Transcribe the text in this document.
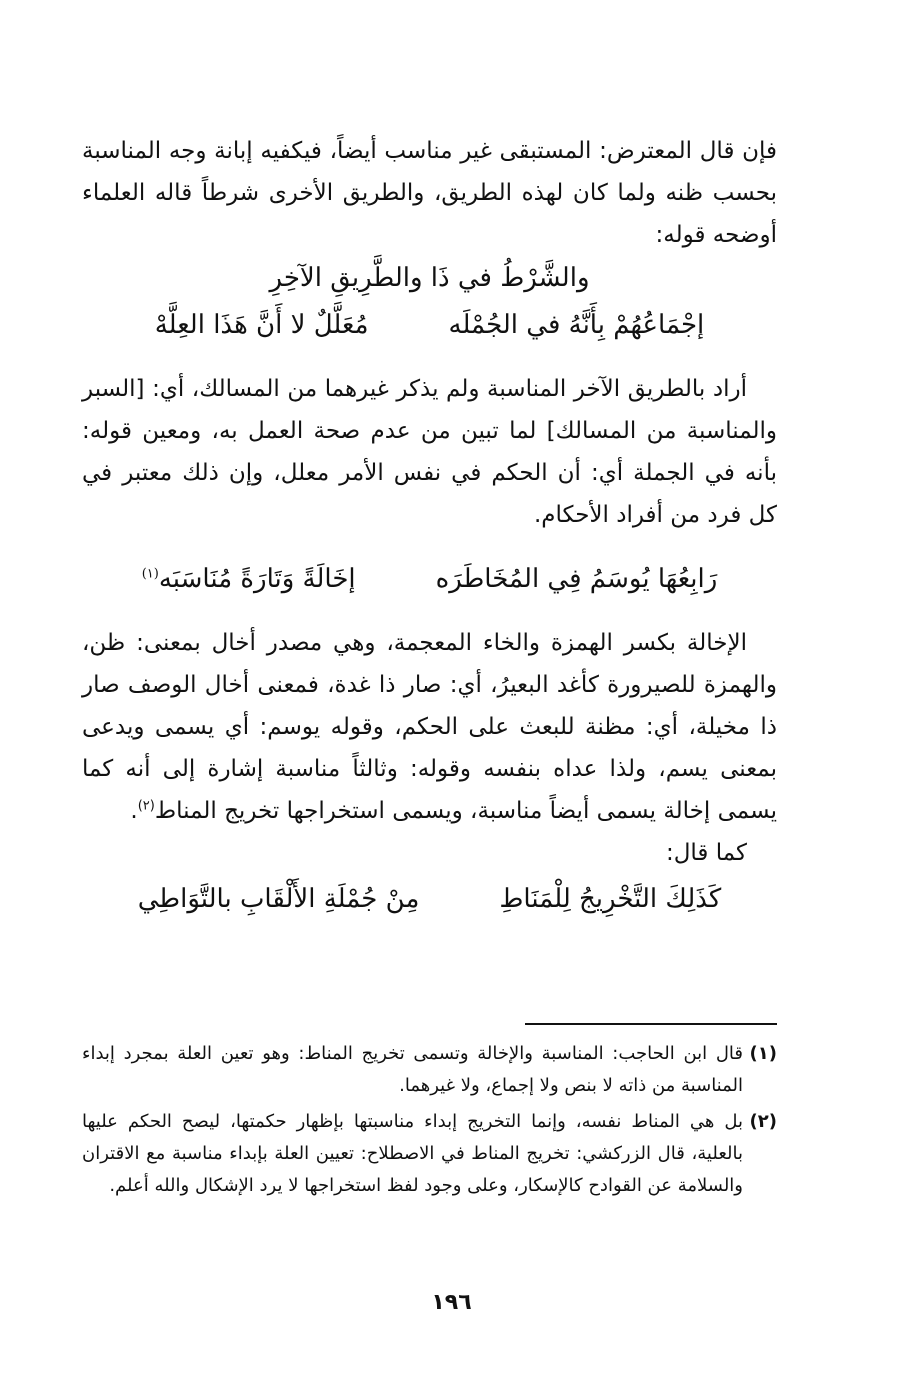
فإن قال المعترض: المستبقى غير مناسب أيضاً، فيكفيه إبانة وجه المناسبة بحسب ظنه ولما كان لهذه الطريق، والطريق الأخرى شرطاً قاله العلماء أوضحه قوله:

والشَّرْطُ في ذَا والطَّرِيقِ الآخِرِ

إجْمَاعُهُمْ بِأَنَّهُ في الجُمْلَه
مُعَلَّلٌ لا أَنَّ هَذَا العِلَّهْ

أراد بالطريق الآخر المناسبة ولم يذكر غيرهما من المسالك، أي: [السبر والمناسبة من المسالك] لما تبين من عدم صحة العمل به، ومعين قوله: بأنه في الجملة أي: أن الحكم في نفس الأمر معلل، وإن ذلك معتبر في كل فرد من أفراد الأحكام.

رَابِعُهَا يُوسَمُ فِي المُخَاطَرَه
إخَالَةً وَتَارَةً مُنَاسَبَه$^{(١)}$

الإخالة بكسر الهمزة والخاء المعجمة، وهي مصدر أخال بمعنى: ظن، والهمزة للصيرورة كأغد البعيرُ، أي: صار ذا غدة، فمعنى أخال الوصف صار ذا مخيلة، أي: مظنة للبعث على الحكم، وقوله يوسم: أي يسمى ويدعى بمعنى يسم، ولذا عداه بنفسه وقوله: وثالثاً مناسبة إشارة إلى أنه كما يسمى إخالة يسمى أيضاً مناسبة، ويسمى استخراجها تخريج المناط$^{(٢)}$.

كما قال:

كَذَلِكَ التَّخْرِيجُ لِلْمَنَاطِ
مِنْ جُمْلَةِ الأَلْقَابِ بالتَّوَاطِي
(١)
قال ابن الحاجب: المناسبة والإخالة وتسمى تخريج المناط: وهو تعين العلة بمجرد إبداء المناسبة من ذاته لا بنص ولا إجماع، ولا غيرهما.
(٢)
بل هي المناط نفسه، وإنما التخريج إبداء مناسبتها بإظهار حكمتها، ليصح الحكم عليها بالعلية، قال الزركشي: تخريج المناط في الاصطلاح: تعيين العلة بإبداء مناسبة مع الاقتران والسلامة عن القوادح كالإسكار، وعلى وجود لفظ استخراجها لا يرد الإشكال والله أعلم.
١٩٦
